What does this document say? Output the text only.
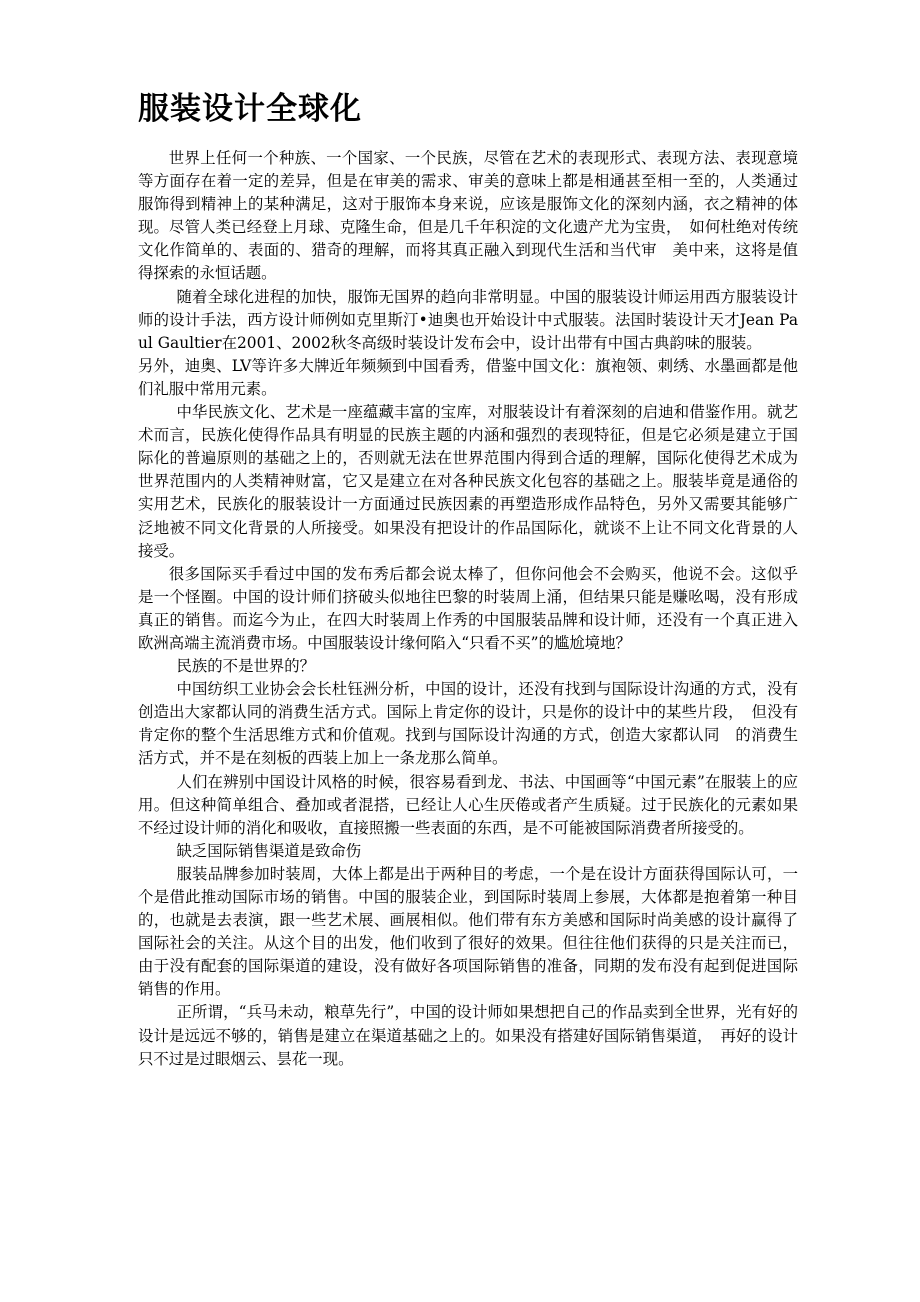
服装设计全球化

世界上任何一个种族、一个国家、一个民族，尽管在艺术的表现形式、表现方法、表现意境等方面存在着一定的差异，但是在审美的需求、审美的意味上都是相通甚至相一至的，人类通过服饰得到精神上的某种满足，这对于服饰本身来说，应该是服饰文化的深刻内涵，衣之精神的体现。尽管人类已经登上月球、克隆生命，但是几千年积淀的文化遗产尤为宝贵，　如何杜绝对传统文化作简单的、表面的、猎奇的理解，而将其真正融入到现代生活和当代审　美中来，这将是值得探索的永恒话题。

随着全球化进程的加快，服饰无国界的趋向非常明显。中国的服装设计师运用西方服装设计师的设计手法，西方设计师例如克里斯汀•迪奥也开始设计中式服装。法国时装设计天才Jean Paul Gaultier在2001、2002秋冬高级时装设计发布会中，设计出带有中国古典韵味的服装。

另外，迪奥、LV等许多大牌近年频频到中国看秀，借鉴中国文化：旗袍领、刺绣、水墨画都是他们礼服中常用元素。

中华民族文化、艺术是一座蕴藏丰富的宝库，对服装设计有着深刻的启迪和借鉴作用。就艺术而言，民族化使得作品具有明显的民族主题的内涵和强烈的表现特征，但是它必须是建立于国际化的普遍原则的基础之上的，否则就无法在世界范围内得到合适的理解，国际化使得艺术成为世界范围内的人类精神财富，它又是建立在对各种民族文化包容的基础之上。服装毕竟是通俗的实用艺术，民族化的服装设计一方面通过民族因素的再塑造形成作品特色，另外又需要其能够广泛地被不同文化背景的人所接受。如果没有把设计的作品国际化，就谈不上让不同文化背景的人接受。

很多国际买手看过中国的发布秀后都会说太棒了，但你问他会不会购买，他说不会。这似乎是一个怪圈。中国的设计师们挤破头似地往巴黎的时装周上涌，但结果只能是赚吆喝，没有形成真正的销售。而迄今为止，在四大时装周上作秀的中国服装品牌和设计师，还没有一个真正进入欧洲高端主流消费市场。中国服装设计缘何陷入“只看不买”的尴尬境地？

民族的不是世界的？

中国纺织工业协会会长杜钰洲分析，中国的设计，还没有找到与国际设计沟通的方式，没有创造出大家都认同的消费生活方式。国际上肯定你的设计，只是你的设计中的某些片段，　但没有肯定你的整个生活思维方式和价值观。找到与国际设计沟通的方式，创造大家都认同　的消费生活方式，并不是在刻板的西装上加上一条龙那么简单。

人们在辨别中国设计风格的时候，很容易看到龙、书法、中国画等“中国元素”在服装上的应用。但这种简单组合、叠加或者混搭，已经让人心生厌倦或者产生质疑。过于民族化的元素如果不经过设计师的消化和吸收，直接照搬一些表面的东西，是不可能被国际消费者所接受的。

缺乏国际销售渠道是致命伤

服装品牌参加时装周，大体上都是出于两种目的考虑，一个是在设计方面获得国际认可，一个是借此推动国际市场的销售。中国的服装企业，到国际时装周上参展，大体都是抱着第一种目的，也就是去表演，跟一些艺术展、画展相似。他们带有东方美感和国际时尚美感的设计赢得了国际社会的关注。从这个目的出发，他们收到了很好的效果。但往往他们获得的只是关注而已，由于没有配套的国际渠道的建设，没有做好各项国际销售的准备，同期的发布没有起到促进国际销售的作用。

正所谓，“兵马未动，粮草先行”，中国的设计师如果想把自己的作品卖到全世界，光有好的设计是远远不够的，销售是建立在渠道基础之上的。如果没有搭建好国际销售渠道，　再好的设计只不过是过眼烟云、昙花一现。
